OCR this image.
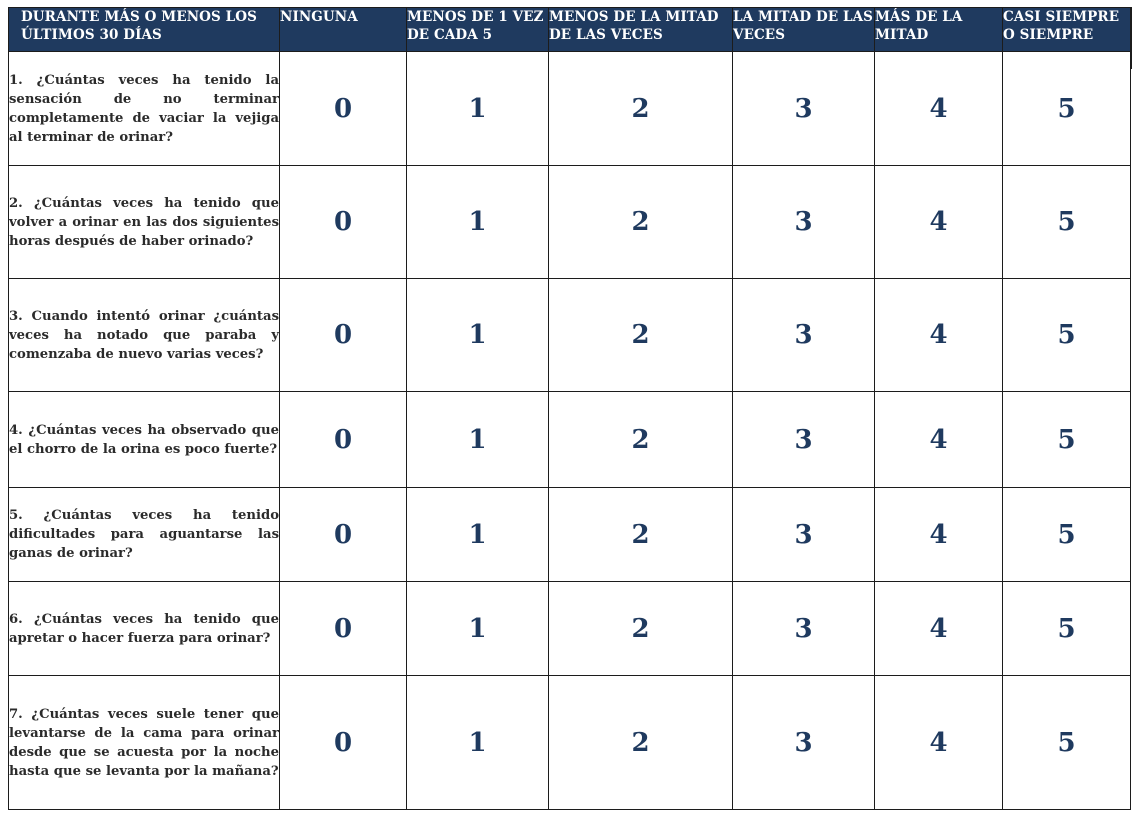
DURANTE MÁS O MENOS LOS ÚLTIMOS 30 DÍAS	NINGUNA	MENOS DE 1 VEZ DE CADA 5	MENOS DE LA MITAD DE LAS VECES	LA MITAD DE LAS VECES	MÁS DE LA MITAD	CASI SIEMPRE O SIEMPRE
1. ¿Cuántas veces ha tenido la sensación de no terminar completamente de vaciar la vejiga al terminar de orinar?	0	1	2	3	4	5
2. ¿Cuántas veces ha tenido que volver a orinar en las dos siguientes horas después de haber orinado?	0	1	2	3	4	5
3. Cuando intentó orinar ¿cuántas veces ha notado que paraba y comenzaba de nuevo varias veces?	0	1	2	3	4	5
4. ¿Cuántas veces ha observado que el chorro de la orina es poco fuerte?	0	1	2	3	4	5
5. ¿Cuántas veces ha tenido dificultades para aguantarse las ganas de orinar?	0	1	2	3	4	5
6. ¿Cuántas veces ha tenido que apretar o hacer fuerza para orinar?	0	1	2	3	4	5
7. ¿Cuántas veces suele tener que levantarse de la cama para orinar desde que se acuesta por la noche hasta que se levanta por la mañana?	0	1	2	3	4	5
